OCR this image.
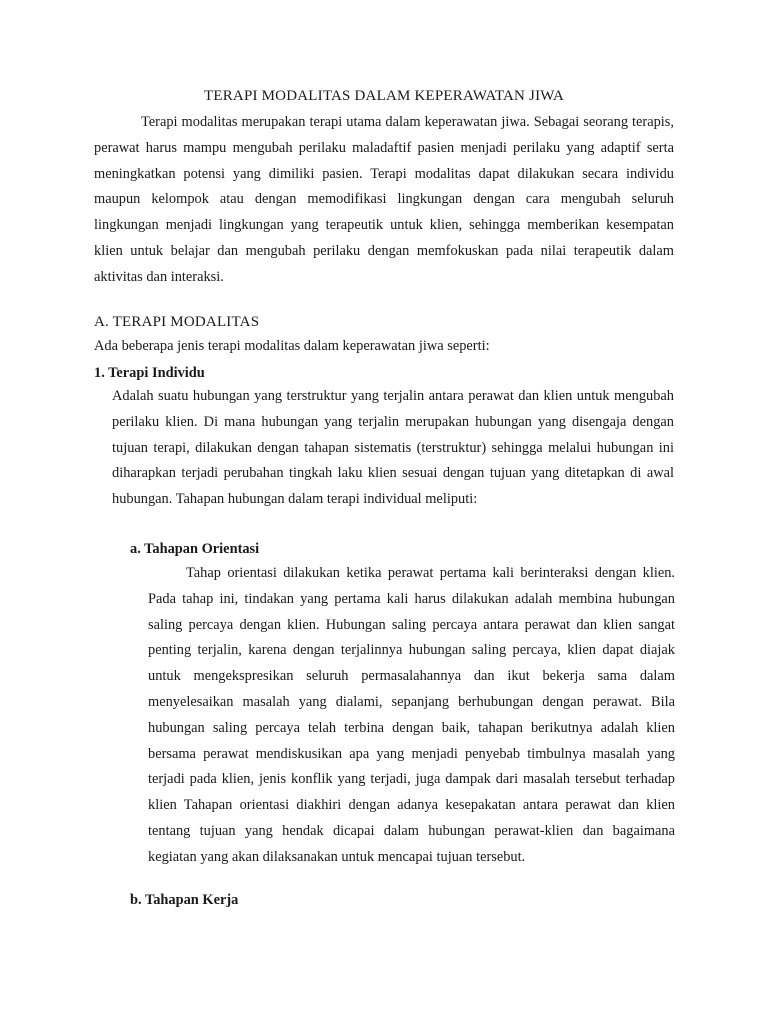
TERAPI MODALITAS DALAM KEPERAWATAN JIWA

Terapi modalitas merupakan terapi utama dalam keperawatan jiwa. Sebagai seorang terapis, perawat harus mampu mengubah perilaku maladaftif pasien menjadi perilaku yang adaptif serta meningkatkan potensi yang dimiliki pasien. Terapi modalitas dapat dilakukan secara individu maupun kelompok atau dengan memodifikasi lingkungan dengan cara mengubah seluruh lingkungan menjadi lingkungan yang terapeutik untuk klien, sehingga memberikan kesempatan klien untuk belajar dan mengubah perilaku dengan memfokuskan pada nilai terapeutik dalam aktivitas dan interaksi.

A. TERAPI MODALITAS

Ada beberapa jenis terapi modalitas dalam keperawatan jiwa seperti:

1. Terapi Individu

Adalah suatu hubungan yang terstruktur yang terjalin antara perawat dan klien untuk mengubah perilaku klien. Di mana hubungan yang terjalin merupakan hubungan yang disengaja dengan tujuan terapi, dilakukan dengan tahapan sistematis (terstruktur) sehingga melalui hubungan ini diharapkan terjadi perubahan tingkah laku klien sesuai dengan tujuan yang ditetapkan di awal hubungan. Tahapan hubungan dalam terapi individual meliputi:

a. Tahapan Orientasi

Tahap orientasi dilakukan ketika perawat pertama kali berinteraksi dengan klien. Pada tahap ini, tindakan yang pertama kali harus dilakukan adalah membina hubungan saling percaya dengan klien. Hubungan saling percaya antara perawat dan klien sangat penting terjalin, karena dengan terjalinnya hubungan saling percaya, klien dapat diajak untuk mengekspresikan seluruh permasalahannya dan ikut bekerja sama dalam menyelesaikan masalah yang dialami, sepanjang berhubungan dengan perawat. Bila hubungan saling percaya telah terbina dengan baik, tahapan berikutnya adalah klien bersama perawat mendiskusikan apa yang menjadi penyebab timbulnya masalah yang terjadi pada klien, jenis konflik yang terjadi, juga dampak dari masalah tersebut terhadap klien Tahapan orientasi diakhiri dengan adanya kesepakatan antara perawat dan klien tentang tujuan yang hendak dicapai dalam hubungan perawat-klien dan bagaimana kegiatan yang akan dilaksanakan untuk mencapai tujuan tersebut.

b. Tahapan Kerja
